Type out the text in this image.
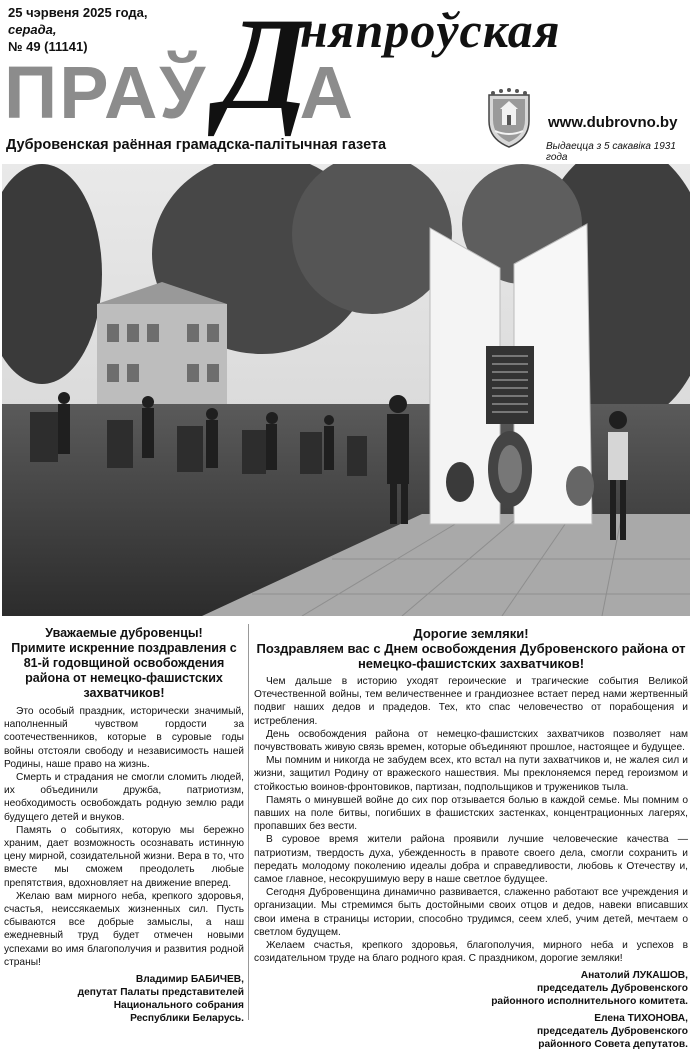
25 чэрвеня 2025 года,
серада,
№ 49 (11141)	няпроўская
ПРАЎ А
Д	www.dubrovno.by
Дубровенская раённая грамадска-палітычная газета	Выдаецца з 5 сакавіка 1931 года
Уважаемые дубровенцы!
Примите искренние поздравления с 81-й годовщиной освобождения района от немецко-фашистских захватчиков!

Это особый праздник, исторически значимый, наполненный чувством гордости за соотечественников, которые в суровые годы войны отстояли свободу и независимость нашей Родины, наше право на жизнь.

Смерть и страдания не смогли сломить людей, их объединили дружба, патриотизм, необходимость освобождать родную землю ради будущего детей и внуков.

Память о событиях, которую мы бережно храним, дает возможность осознавать истинную цену мирной, созидательной жизни. Вера в то, что вместе мы сможем преодолеть любые препятствия, вдохновляет на движение вперед.

Желаю вам мирного неба, крепкого здоровья, счастья, неиссякаемых жизненных сил. Пусть сбываются все добрые замыслы, а наш ежедневный труд будет отмечен новыми успехами во имя благополучия и развития родной страны!

Владимир БАБИЧЕВ,

депутат Палаты представителей

Национального собрания

Республики Беларусь.

Дорогие земляки!
Поздравляем вас с Днем освобождения Дубровенского района от немецко-фашистских захватчиков!

Чем дальше в историю уходят героические и трагические события Великой Отечественной войны, тем величественнее и грандиознее встает перед нами жертвенный подвиг наших дедов и прадедов. Тех, кто спас человечество от порабощения и истребления.

День освобождения района от немецко-фашистских захватчиков позволяет нам почувствовать живую связь времен, которые объединяют прошлое, настоящее и будущее.

Мы помним и никогда не забудем всех, кто встал на пути захватчиков и, не жалея сил и жизни, защитил Родину от вражеского нашествия. Мы преклоняемся перед героизмом и стойкостью воинов-фронтовиков, партизан, подпольщиков и тружеников тыла.

Память о минувшей войне до сих пор отзывается болью в каждой семье. Мы помним о павших на поле битвы, погибших в фашистских застенках, концентрационных лагерях, пропавших без вести.

В суровое время жители района проявили лучшие человеческие качества — патриотизм, твердость духа, убежденность в правоте своего дела, смогли сохранить и передать молодому поколению идеалы добра и справедливости, любовь к Отечеству и, самое главное, несокрушимую веру в наше светлое будущее.

Сегодня Дубровенщина динамично развивается, слаженно работают все учреждения и организации. Мы стремимся быть достойными своих отцов и дедов, навеки вписавших свои имена в страницы истории, способно трудимся, сеем хлеб, учим детей, мечтаем о светлом будущем.

Желаем счастья, крепкого здоровья, благополучия, мирного неба и успехов в созидательном труде на благо родного края. С праздником, дорогие земляки!

Анатолий ЛУКАШОВ,

председатель Дубровенского

районного исполнительного комитета.

Елена ТИХОНОВА,

председатель Дубровенского

районного Совета депутатов.
